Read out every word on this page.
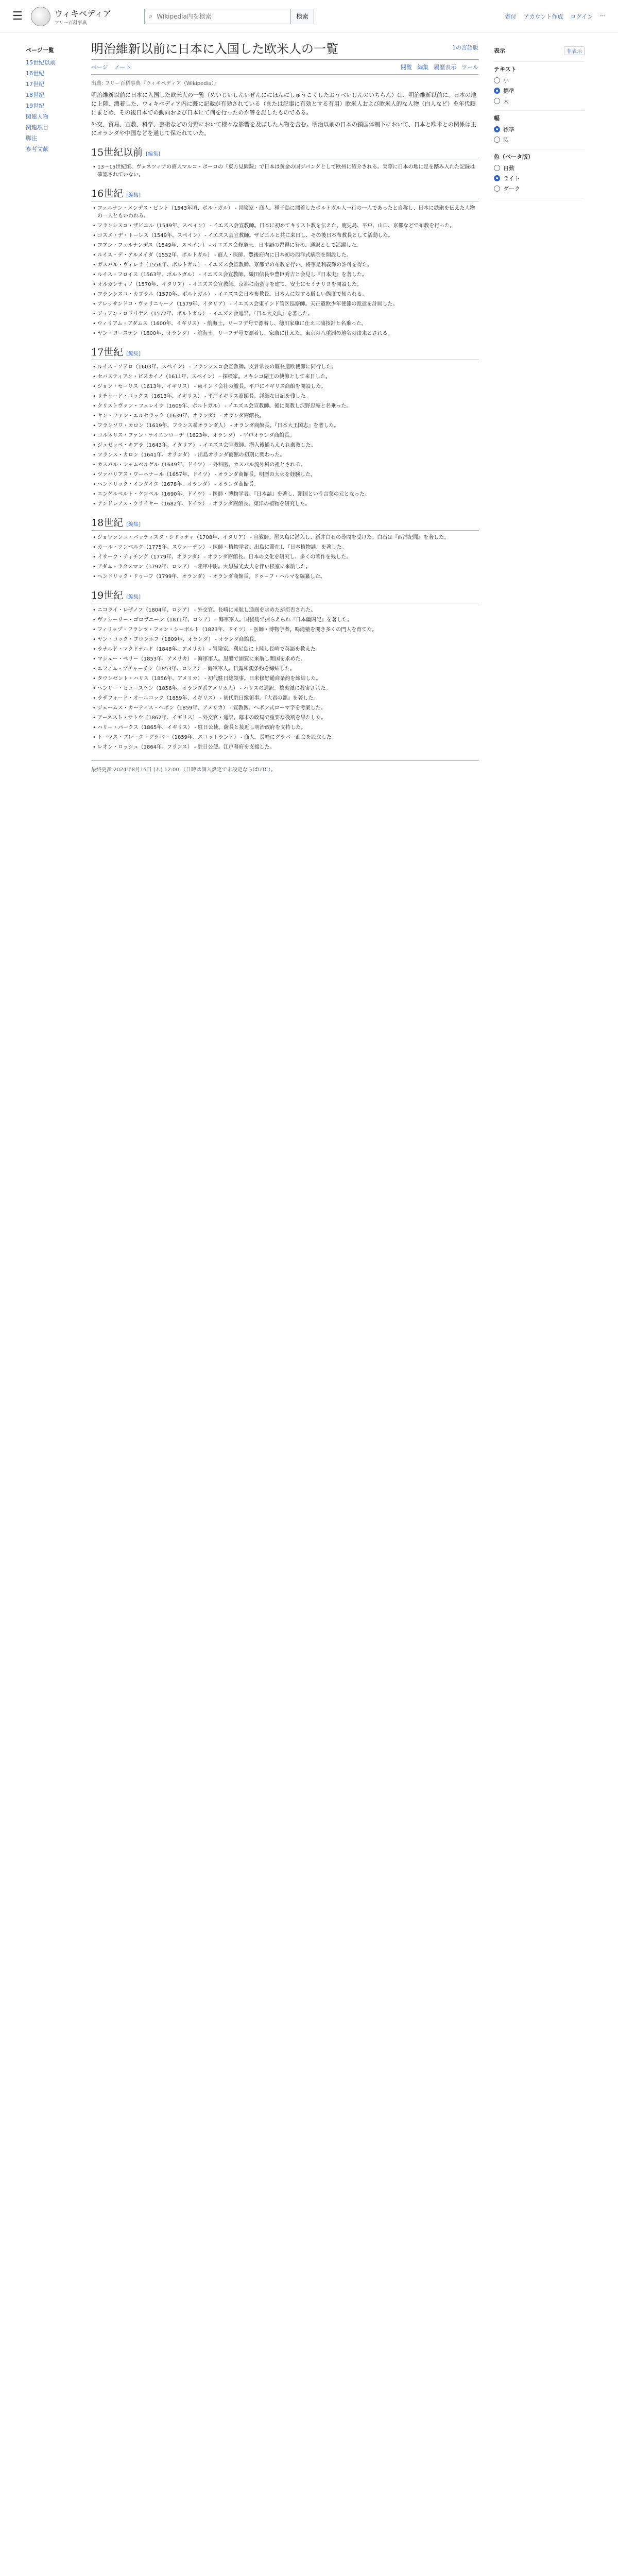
☰	ウィキペディア
フリー百科事典
⌕
Wikipedia内を検索	検索	寄付 アカウント作成 ログイン ⋯
ページ一覧
15世紀以前
16世紀
17世紀
18世紀
19世紀
関連人物
関連項目
脚注
参考文献
明治維新以前に日本に入国した欧米人の一覧	1の言語版
ページ ノート	閲覧 編集 履歴表示 ツール
出典: フリー百科事典『ウィキペディア（Wikipedia）』

明治維新以前に日本に入国した欧米人の一覧（めいじいしんいぜんににほんにしゅうこくしたおうべいじんのいちらん）は、明治維新以前に、日本の地に上陸、漂着した、ウィキペディア内に既に記載が有効されている（または記事に有効とする有用）欧米人および欧米人的な人物（白人など）を年代順にまとめ、その後日本での動向および日本にて何を行ったのか等を記したものである。

外交、貿易、宣教、科学、芸術などの分野において様々な影響を及ぼした人物を含む。明治以前の日本の鎖国体制下において、日本と欧米との関係は主にオランダや中国などを通じて保たれていた。

15世紀以前 [編集]
• 13〜15世紀頃、ヴェネツィアの商人マルコ・ポーロの『東方見聞録』で日本は黄金の国ジパングとして欧州に紹介される。実際に日本の地に足を踏み入れた記録は確認されていない。
16世紀 [編集]
• フェルナン・メンデス・ピント（1543年頃、ポルトガル） - 冒険家・商人。種子島に漂着したポルトガル人一行の一人であったと自称し、日本に鉄砲を伝えた人物の一人ともいわれる。
• フランシスコ・ザビエル（1549年、スペイン） - イエズス会宣教師。日本に初めてキリスト教を伝えた。鹿児島、平戸、山口、京都などで布教を行った。
• コスメ・デ・トーレス（1549年、スペイン） - イエズス会宣教師。ザビエルと共に来日し、その後日本布教長として活動した。
• フアン・フェルナンデス（1549年、スペイン） - イエズス会修道士。日本語の習得に努め、通訳として活躍した。
• ルイス・デ・アルメイダ（1552年、ポルトガル） - 商人・医師。豊後府内に日本初の西洋式病院を開設した。
• ガスパル・ヴィレラ（1556年、ポルトガル） - イエズス会宣教師。京都での布教を行い、将軍足利義輝の許可を得た。
• ルイス・フロイス（1563年、ポルトガル） - イエズス会宣教師。織田信長や豊臣秀吉と会見し『日本史』を著した。
• オルガンティノ（1570年、イタリア） - イエズス会宣教師。京都に南蛮寺を建て、安土にセミナリヨを開設した。
• フランシスコ・カブラル（1570年、ポルトガル） - イエズス会日本布教長。日本人に対する厳しい態度で知られる。
• アレッサンドロ・ヴァリニャーノ（1579年、イタリア） - イエズス会東インド管区巡察師。天正遣欧少年使節の派遣を計画した。
• ジョアン・ロドリゲス（1577年、ポルトガル） - イエズス会通訳。『日本大文典』を著した。
• ウィリアム・アダムス（1600年、イギリス） - 航海士。リーフデ号で漂着し、徳川家康に仕え三浦按針と名乗った。
• ヤン・ヨーステン（1600年、オランダ） - 航海士。リーフデ号で漂着し、家康に仕えた。東京の八重洲の地名の由来とされる。
17世紀 [編集]
• ルイス・ソテロ（1603年、スペイン） - フランシスコ会宣教師。支倉常長の慶長遣欧使節に同行した。
• セバスティアン・ビスカイノ（1611年、スペイン） - 探検家。メキシコ副王の使節として来日した。
• ジョン・セーリス（1613年、イギリス） - 東インド会社の艦長。平戸にイギリス商館を開設した。
• リチャード・コックス（1613年、イギリス） - 平戸イギリス商館長。詳細な日記を残した。
• クリストヴァン・フェレイラ（1609年、ポルトガル） - イエズス会宣教師。後に棄教し沢野忠庵と名乗った。
• ヤン・ファン・エルセラック（1639年、オランダ） - オランダ商館長。
• フランソワ・カロン（1619年、フランス系オランダ人） - オランダ商館長。『日本大王国志』を著した。
• コルネリス・ファン・ナイエンローデ（1623年、オランダ） - 平戸オランダ商館長。
• ジュゼッペ・キアラ（1643年、イタリア） - イエズス会宣教師。潜入後捕らえられ棄教した。
• フランス・カロン（1641年、オランダ） - 出島オランダ商館の初期に関わった。
• カスパル・シャムベルゲル（1649年、ドイツ） - 外科医。カスパル流外科の祖とされる。
• ツァハリアス・ワーヘナール（1657年、ドイツ） - オランダ商館長。明暦の大火を経験した。
• ヘンドリック・インダイク（1678年、オランダ） - オランダ商館長。
• エンゲルベルト・ケンペル（1690年、ドイツ） - 医師・博物学者。『日本誌』を著し、鎖国という言葉の元となった。
• アンドレアス・クライヤー（1682年、ドイツ） - オランダ商館長。東洋の植物を研究した。
18世紀 [編集]
• ジョヴァンニ・バッティスタ・シドッティ（1708年、イタリア） - 宣教師。屋久島に潜入し、新井白石の尋問を受けた。白石は『西洋紀聞』を著した。
• カール・ツンベルク（1775年、スウェーデン） - 医師・植物学者。出島に滞在し『日本植物誌』を著した。
• イサーク・ティチング（1779年、オランダ） - オランダ商館長。日本の文化を研究し、多くの著作を残した。
• アダム・ラクスマン（1792年、ロシア） - 陸軍中尉。大黒屋光太夫を伴い根室に来航した。
• ヘンドリック・ドゥーフ（1799年、オランダ） - オランダ商館長。ドゥーフ・ハルマを編纂した。
19世紀 [編集]
• ニコライ・レザノフ（1804年、ロシア） - 外交官。長崎に来航し通商を求めたが拒否された。
• ヴァシーリー・ゴロヴニーン（1811年、ロシア） - 海軍軍人。国後島で捕らえられ『日本幽囚記』を著した。
• フィリップ・フランツ・フォン・シーボルト（1823年、ドイツ） - 医師・博物学者。鳴滝塾を開き多くの門人を育てた。
• ヤン・コック・ブロンホフ（1809年、オランダ） - オランダ商館長。
• ラナルド・マクドナルド（1848年、アメリカ） - 冒険家。利尻島に上陸し長崎で英語を教えた。
• マシュー・ペリー（1853年、アメリカ） - 海軍軍人。黒船で浦賀に来航し開国を求めた。
• エフィム・プチャーチン（1853年、ロシア） - 海軍軍人。日露和親条約を締結した。
• タウンゼント・ハリス（1856年、アメリカ） - 初代駐日総領事。日米修好通商条約を締結した。
• ヘンリー・ヒュースケン（1856年、オランダ系アメリカ人） - ハリスの通訳。攘夷派に殺害された。
• ラザフォード・オールコック（1859年、イギリス） - 初代駐日総領事。『大君の都』を著した。
• ジェームス・カーティス・ヘボン（1859年、アメリカ） - 宣教医。ヘボン式ローマ字を考案した。
• アーネスト・サトウ（1862年、イギリス） - 外交官・通訳。幕末の政局で重要な役割を果たした。
• ハリー・パークス（1865年、イギリス） - 駐日公使。薩長と接近し明治政府を支持した。
• トーマス・ブレーク・グラバー（1859年、スコットランド） - 商人。長崎にグラバー商会を設立した。
• レオン・ロッシュ（1864年、フランス） - 駐日公使。江戸幕府を支援した。
最終更新 2024年8月15日 (木) 12:00 （日時は個人設定で未設定ならばUTC）。
表示	非表示
テキスト
小
標準
大
幅
標準
広
色（ベータ版）
自動
ライト
ダーク
